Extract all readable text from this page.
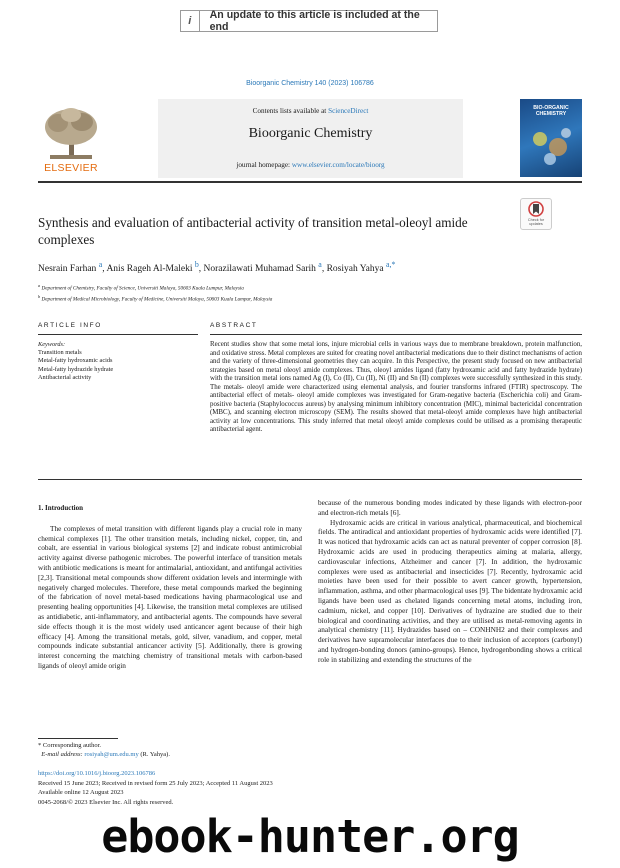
i	An update to this article is included at the end
Bioorganic Chemistry 140 (2023) 106786
ELSEVIER
Contents lists available at ScienceDirect
Bioorganic Chemistry
journal homepage: www.elsevier.com/locate/bioorg
BIO-ORGANIC CHEMISTRY
Synthesis and evaluation of antibacterial activity of transition metal-oleoyl amide complexes
Check for updates
Nesrain Farhan $^a$, Anis Rageh Al-Maleki $^b$, Norazilawati Muhamad Sarih $^a$, Rosiyah Yahya $^{a,*}$
$^a$ Department of Chemistry, Faculty of Science, Universiti Malaya, 50603 Kuala Lumpur, Malaysia
$^b$ Department of Medical Microbiology, Faculty of Medicine, Universiti Malaya, 50603 Kuala Lumpur, Malaysia
ARTICLE INFO	ABSTRACT
Keywords:
Transition metals
Metal-fatty hydroxamic acids
Metal-fatty hydrazide hydrate
Antibacterial activity
Recent studies show that some metal ions, injure microbial cells in various ways due to membrane breakdown, protein malfunction, and oxidative stress. Metal complexes are suited for creating novel antibacterial medications due to their distinct mechanisms of action and the variety of three-dimensional geometries they can acquire. In this Perspective, the present study focused on new antibacterial strategies based on metal oleoyl amide complexes. Thus, oleoyl amides ligand (fatty hydroxamic acid and fatty hydrazide hydrate) with the transition metal ions named Ag (I), Co (II), Cu (II), Ni (II) and Sn (II) complexes were successfully synthesized in this study. The metals- oleoyl amide were characterized using elemental analysis, and fourier transforms infrared (FTIR) spectroscopy. The antibacterial effect of metals- oleoyl amide complexes was investigated for Gram-negative bacteria (Escherichia coli) and Gram-positive bacteria (Staphylococcus aureus) by analysing minimum inhibitory concentration (MIC), minimal bactericidal concentration (MBC), and scanning electron microscopy (SEM). The results showed that metal-oleoyl amide complexes have high antibacterial activity at low concentrations. This study inferred that metal oleoyl amide complexes could be utilised as a promising therapeutic antibacterial agent.

1. Introduction

The complexes of metal transition with different ligands play a crucial role in many chemical complexes [1]. The other transition metals, including nickel, copper, tin, and cobalt, are essential in various biological systems [2] and indicate robust antimicrobial activity against diverse pathogenic microbes. The powerful interface of transition metals with antibiotic medications is meant for antimalarial, antioxidant, and antifungal activities [2,3]. Transitional metal compounds show different oxidation levels and intermingle with negatively charged molecules. Therefore, these metal compounds marked the beginning of the fabrication of novel metal-based medications having pharmacological use and presenting healing opportunities [4]. Likewise, the transition metal complexes are utilised as antidiabetic, anti-inflammatory, and antibacterial agents. The compounds have several side effects though it is the most widely used anticancer agent because of their high efficacy [4]. Among the transitional metals, gold, silver, vanadium, and copper, metal compounds indicate substantial anticancer activity [5]. Additionally, there is growing interest concerning the matching chemistry of transitional metals with carbon-based ligands of oleoyl amide origin

because of the numerous bonding modes indicated by these ligands with electron-poor and electron-rich metals [6].

Hydroxamic acids are critical in various analytical, pharmaceutical, and biochemical fields. The antiradical and antioxidant properties of hydroxamic acids were identified [7]. It was noticed that hydroxamic acids can act as natural preventer of copper corrosion [8]. Hydroxamic acids are used in producing therapeutics aiming at malaria, allergy, cardiovascular infections, Alzheimer and cancer [7]. In addition, the hydroxamic complexes were used as antibacterial and insecticides [7]. Recently, hydroxamic acid moieties have been used for their possible to avert cancer growth, hypertension, inflammation, asthma, and other pharmacological uses [9]. The bidentate hydroxamic acid ligands have been used as chelated ligands concerning metal atoms, including iron, cadmium, nickel, and copper [10]. Derivatives of hydrazine are studied due to their biological and coordinating activities, and they are utilised as metal-removing agents in analytical chemistry [11]. Hydrazides based on – CONHNH2 and their complexes and derivatives have supramolecular interfaces due to their inclusion of acceptors (carbonyl) and hydrogen-bonding donors (amino-groups). Hence, hydrogenbonding shows a critical role in stabilizing and extending the structures of the

* Corresponding author.
E-mail address: rosiyah@um.edu.my (R. Yahya).
https://doi.org/10.1016/j.bioorg.2023.106786
Received 15 June 2023; Received in revised form 25 July 2023; Accepted 11 August 2023
Available online 12 August 2023
0045-2068/© 2023 Elsevier Inc. All rights reserved.
ebook-hunter.org
